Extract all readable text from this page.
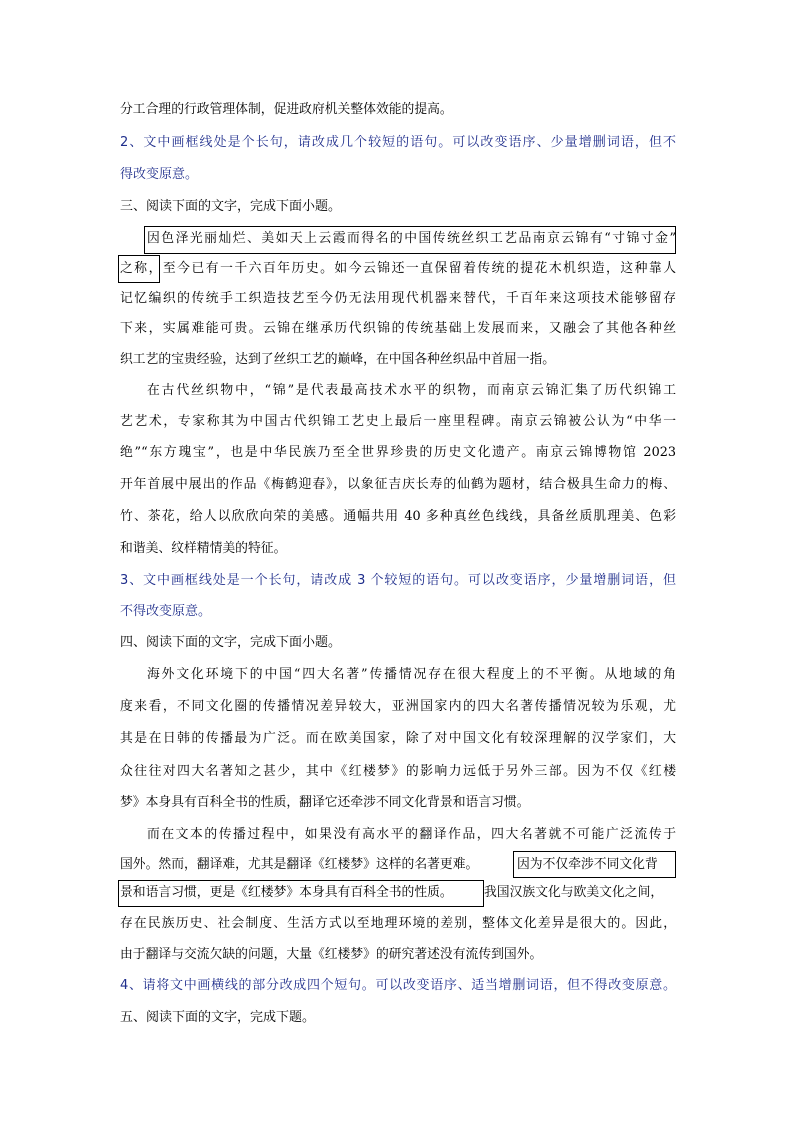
分工合理的行政管理体制，促进政府机关整体效能的提高。
2、文中画框线处是个长句，请改成几个较短的语句。可以改变语序、少量增删词语，但不
得改变原意。
三、阅读下面的文字，完成下面小题。
因色泽光丽灿烂、美如天上云霞而得名的中国传统丝织工艺品南京云锦有“寸锦寸金”
之称，至今已有一千六百年历史。如今云锦还一直保留着传统的提花木机织造，这种靠人
记忆编织的传统手工织造技艺至今仍无法用现代机器来替代，千百年来这项技术能够留存
下来，实属难能可贵。云锦在继承历代织锦的传统基础上发展而来，又融会了其他各种丝
织工艺的宝贵经验，达到了丝织工艺的巅峰，在中国各种丝织品中首屈一指。
在古代丝织物中，“锦”是代表最高技术水平的织物，而南京云锦汇集了历代织锦工
艺艺术，专家称其为中国古代织锦工艺史上最后一座里程碑。南京云锦被公认为“中华一
绝”“东方瑰宝”，也是中华民族乃至全世界珍贵的历史文化遗产。南京云锦博物馆 2023
开年首展中展出的作品《梅鹤迎春》，以象征吉庆长寿的仙鹤为题材，结合极具生命力的梅、
竹、茶花，给人以欣欣向荣的美感。通幅共用 40 多种真丝色线线，具备丝质肌理美、色彩
和谐美、纹样精情美的特征。
3、文中画框线处是一个长句，请改成 3 个较短的语句。可以改变语序，少量增删词语，但
不得改变原意。
四、阅读下面的文字，完成下面小题。
海外文化环境下的中国“四大名著”传播情况存在很大程度上的不平衡。从地域的角
度来看，不同文化圈的传播情况差异较大，亚洲国家内的四大名著传播情况较为乐观，尤
其是在日韩的传播最为广泛。而在欧美国家，除了对中国文化有较深理解的汉学家们，大
众往往对四大名著知之甚少，其中《红楼梦》的影响力远低于另外三部。因为不仅《红楼
梦》本身具有百科全书的性质，翻译它还牵涉不同文化背景和语言习惯。
而在文本的传播过程中，如果没有高水平的翻译作品，四大名著就不可能广泛流传于
国外。然而，翻译难，尤其是翻译《红楼梦》这样的名著更难。	因为不仅牵涉不同文化背
景和语言习惯，更是《红楼梦》本身具有百科全书的性质。	我国汉族文化与欧美文化之间，
存在民族历史、社会制度、生活方式以至地理环境的差别，整体文化差异是很大的。因此，
由于翻译与交流欠缺的问题，大量《红楼梦》的研究著述没有流传到国外。
4、请将文中画横线的部分改成四个短句。可以改变语序、适当增删词语，但不得改变原意。
五、阅读下面的文字，完成下题。
